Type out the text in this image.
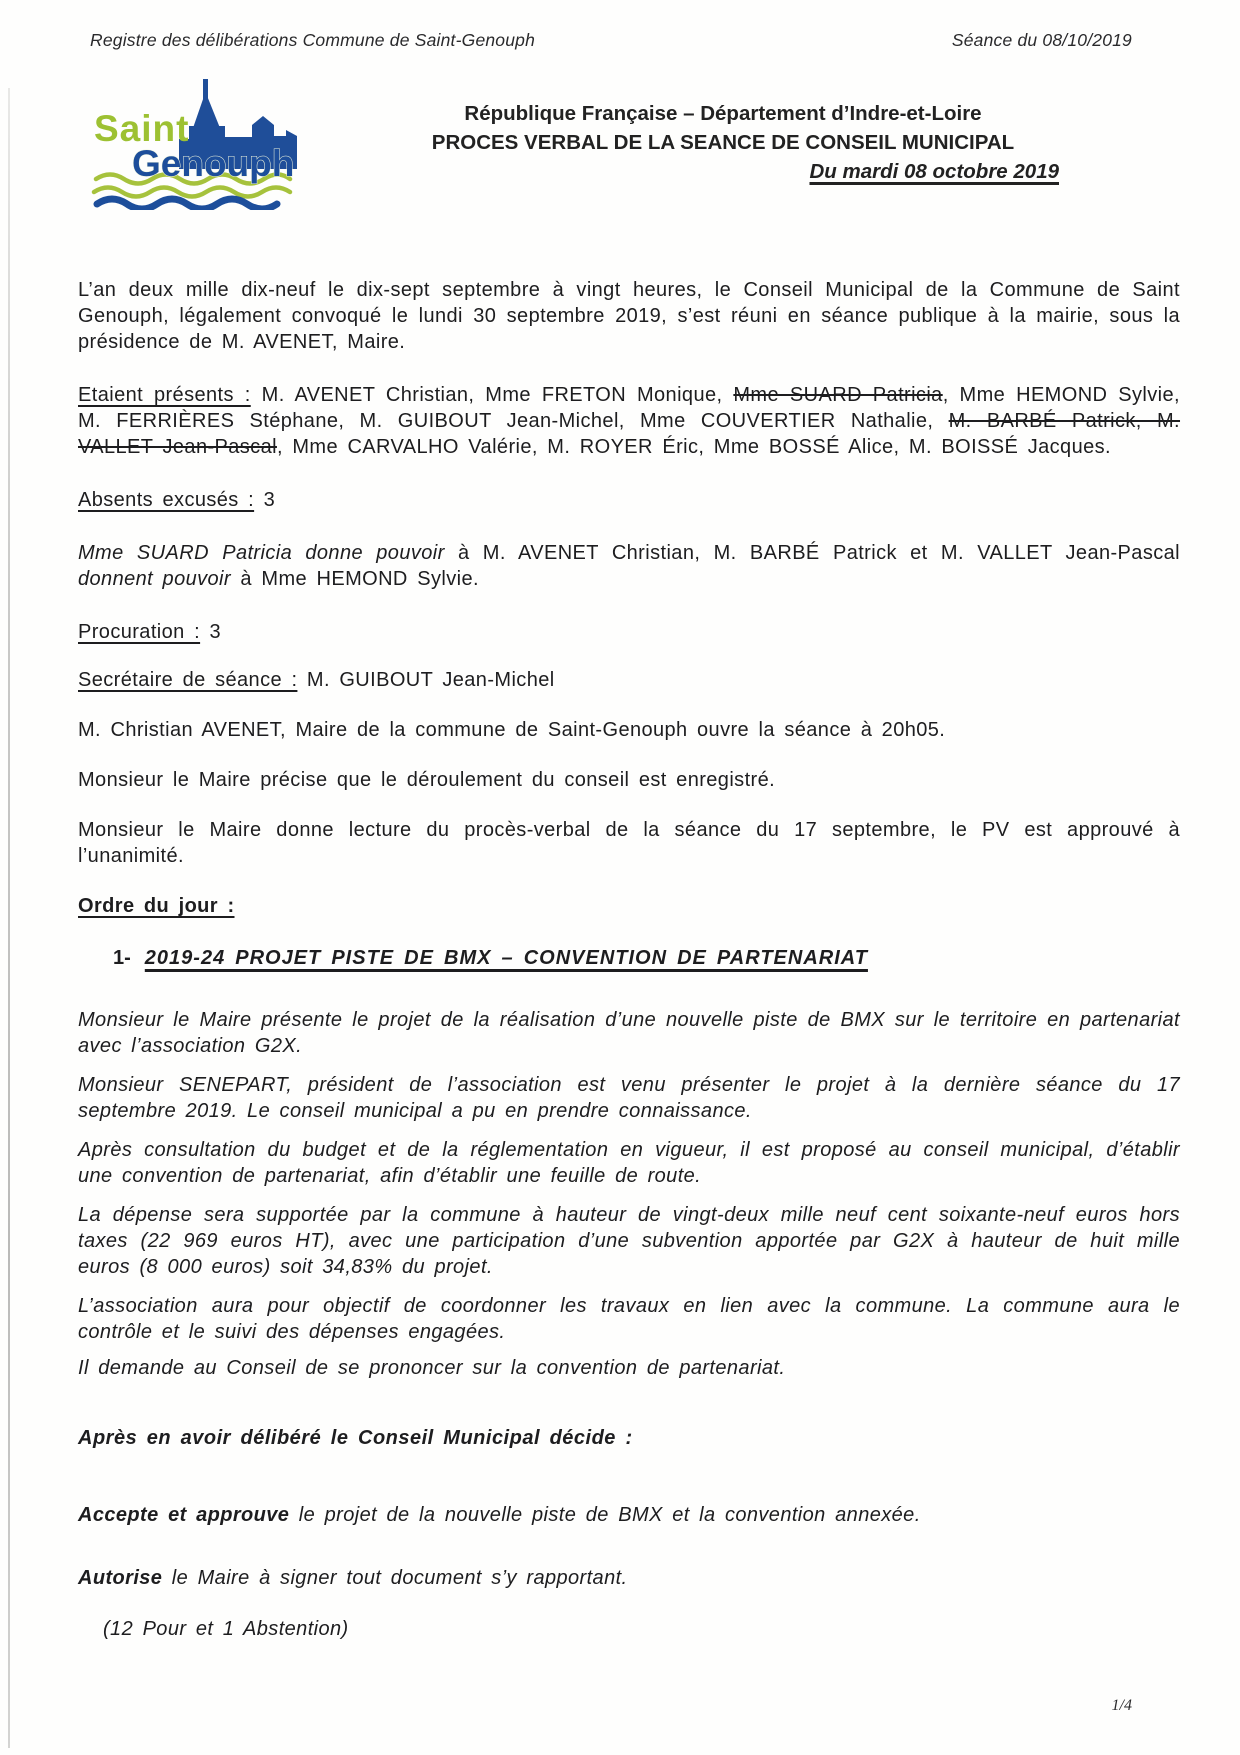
Registre des délibérations Commune de Saint-Genouph	Séance du 08/10/2019
Saint
Genouph
République Française – Département d’Indre-et-Loire
PROCES VERBAL DE LA SEANCE DE CONSEIL MUNICIPAL
Du mardi 08 octobre 2019

L’an deux mille dix-neuf le dix-sept septembre à vingt heures, le Conseil Municipal de la Commune de Saint Genouph, légalement convoqué le lundi 30 septembre 2019, s’est réuni en séance publique à la mairie, sous la présidence de M. AVENET, Maire.

Etaient présents : M. AVENET Christian, Mme FRETON Monique, Mme SUARD Patricia, Mme HEMOND Sylvie, M. FERRIÈRES Stéphane, M. GUIBOUT Jean-Michel, Mme COUVERTIER Nathalie, M. BARBÉ Patrick, M. VALLET Jean-Pascal, Mme CARVALHO Valérie, M. ROYER Éric, Mme BOSSÉ Alice, M. BOISSÉ Jacques.

Absents excusés : 3

Mme SUARD Patricia donne pouvoir à M. AVENET Christian, M. BARBÉ Patrick et M. VALLET Jean-Pascal donnent pouvoir à Mme HEMOND Sylvie.

Procuration : 3

Secrétaire de séance : M. GUIBOUT Jean-Michel

M. Christian AVENET, Maire de la commune de Saint-Genouph ouvre la séance à 20h05.

Monsieur le Maire précise que le déroulement du conseil est enregistré.

Monsieur le Maire donne lecture du procès-verbal de la séance du 17 septembre, le PV est approuvé à l’unanimité.

Ordre du jour :

1- 2019-24 PROJET PISTE DE BMX – CONVENTION DE PARTENARIAT

Monsieur le Maire présente le projet de la réalisation d’une nouvelle piste de BMX sur le territoire en partenariat avec l’association G2X.

Monsieur SENEPART, président de l’association est venu présenter le projet à la dernière séance du 17 septembre 2019. Le conseil municipal a pu en prendre connaissance.

Après consultation du budget et de la réglementation en vigueur, il est proposé au conseil municipal, d’établir une convention de partenariat, afin d’établir une feuille de route.

La dépense sera supportée par la commune à hauteur de vingt-deux mille neuf cent soixante-neuf euros hors taxes (22 969 euros HT), avec une participation d’une subvention apportée par G2X à hauteur de huit mille euros (8 000 euros) soit 34,83% du projet.

L’association aura pour objectif de coordonner les travaux en lien avec la commune. La commune aura le contrôle et le suivi des dépenses engagées.

Il demande au Conseil de se prononcer sur la convention de partenariat.

Après en avoir délibéré le Conseil Municipal décide :

Accepte et approuve le projet de la nouvelle piste de BMX et la convention annexée.

Autorise le Maire à signer tout document s’y rapportant.

(12 Pour et 1 Abstention)

1/4
